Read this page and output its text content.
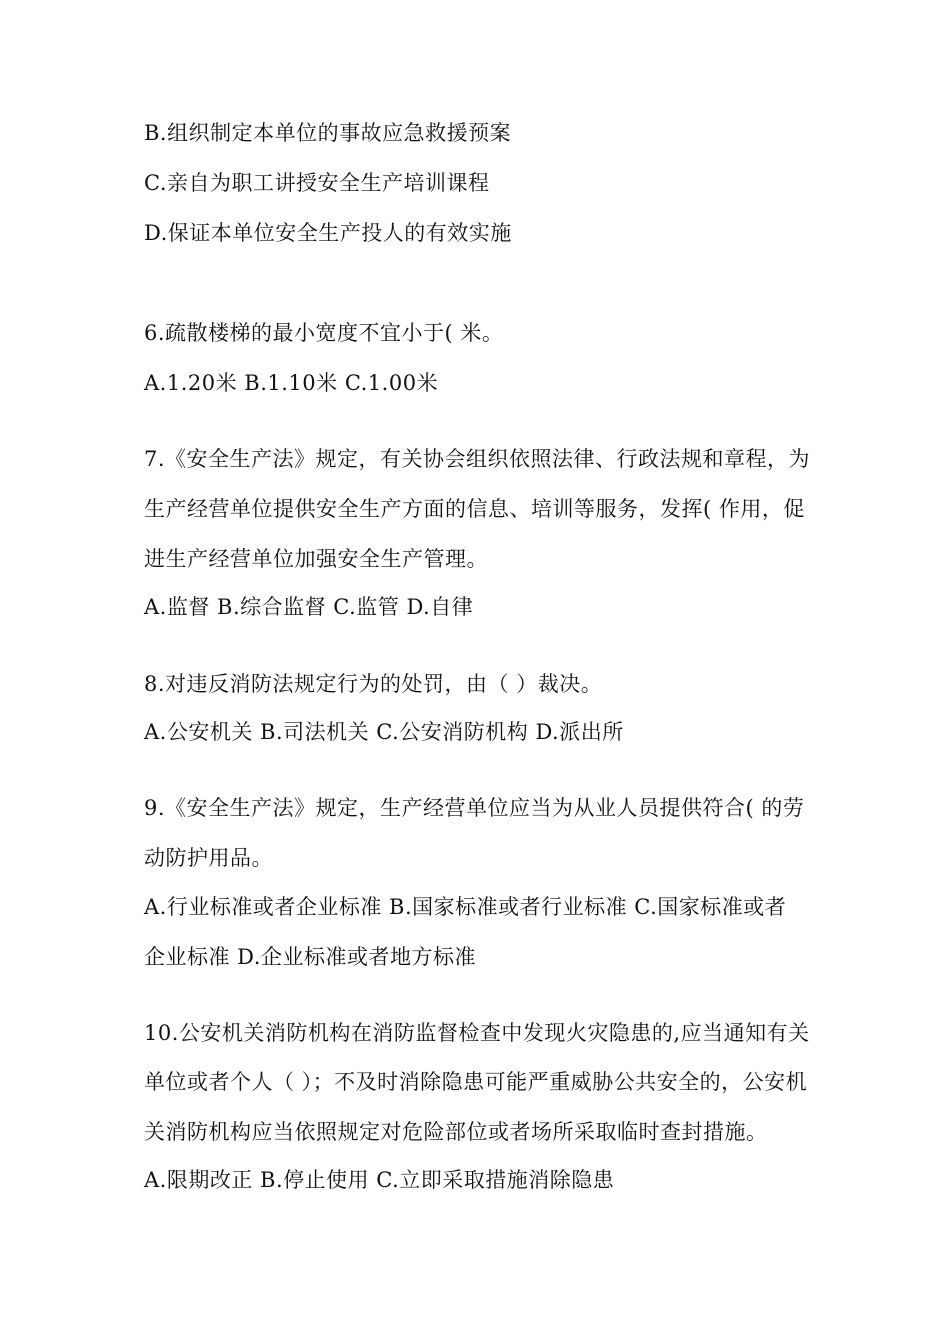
B.组织制定本单位的事故应急救援预案
C.亲自为职工讲授安全生产培训课程
D.保证本单位安全生产投人的有效实施
6.疏散楼梯的最小宽度不宜小于( 米。
A.1.20米 B.1.10米 C.1.00米
7.《安全生产法》规定，有关协会组织依照法律、行政法规和章程，为
生产经营单位提供安全生产方面的信息、培训等服务，发挥( 作用，促
进生产经营单位加强安全生产管理。
A.监督 B.综合监督 C.监管 D.自律
8.对违反消防法规定行为的处罚，由（ ）裁决。
A.公安机关 B.司法机关 C.公安消防机构 D.派出所
9.《安全生产法》规定，生产经营单位应当为从业人员提供符合( 的劳
动防护用品。
A.行业标准或者企业标准 B.国家标准或者行业标准 C.国家标准或者
企业标准 D.企业标准或者地方标准
10.公安机关消防机构在消防监督检查中发现火灾隐患的,应当通知有关
单位或者个人（ ）；不及时消除隐患可能严重威胁公共安全的，公安机
关消防机构应当依照规定对危险部位或者场所采取临时查封措施。
A.限期改正 B.停止使用 C.立即采取措施消除隐患
